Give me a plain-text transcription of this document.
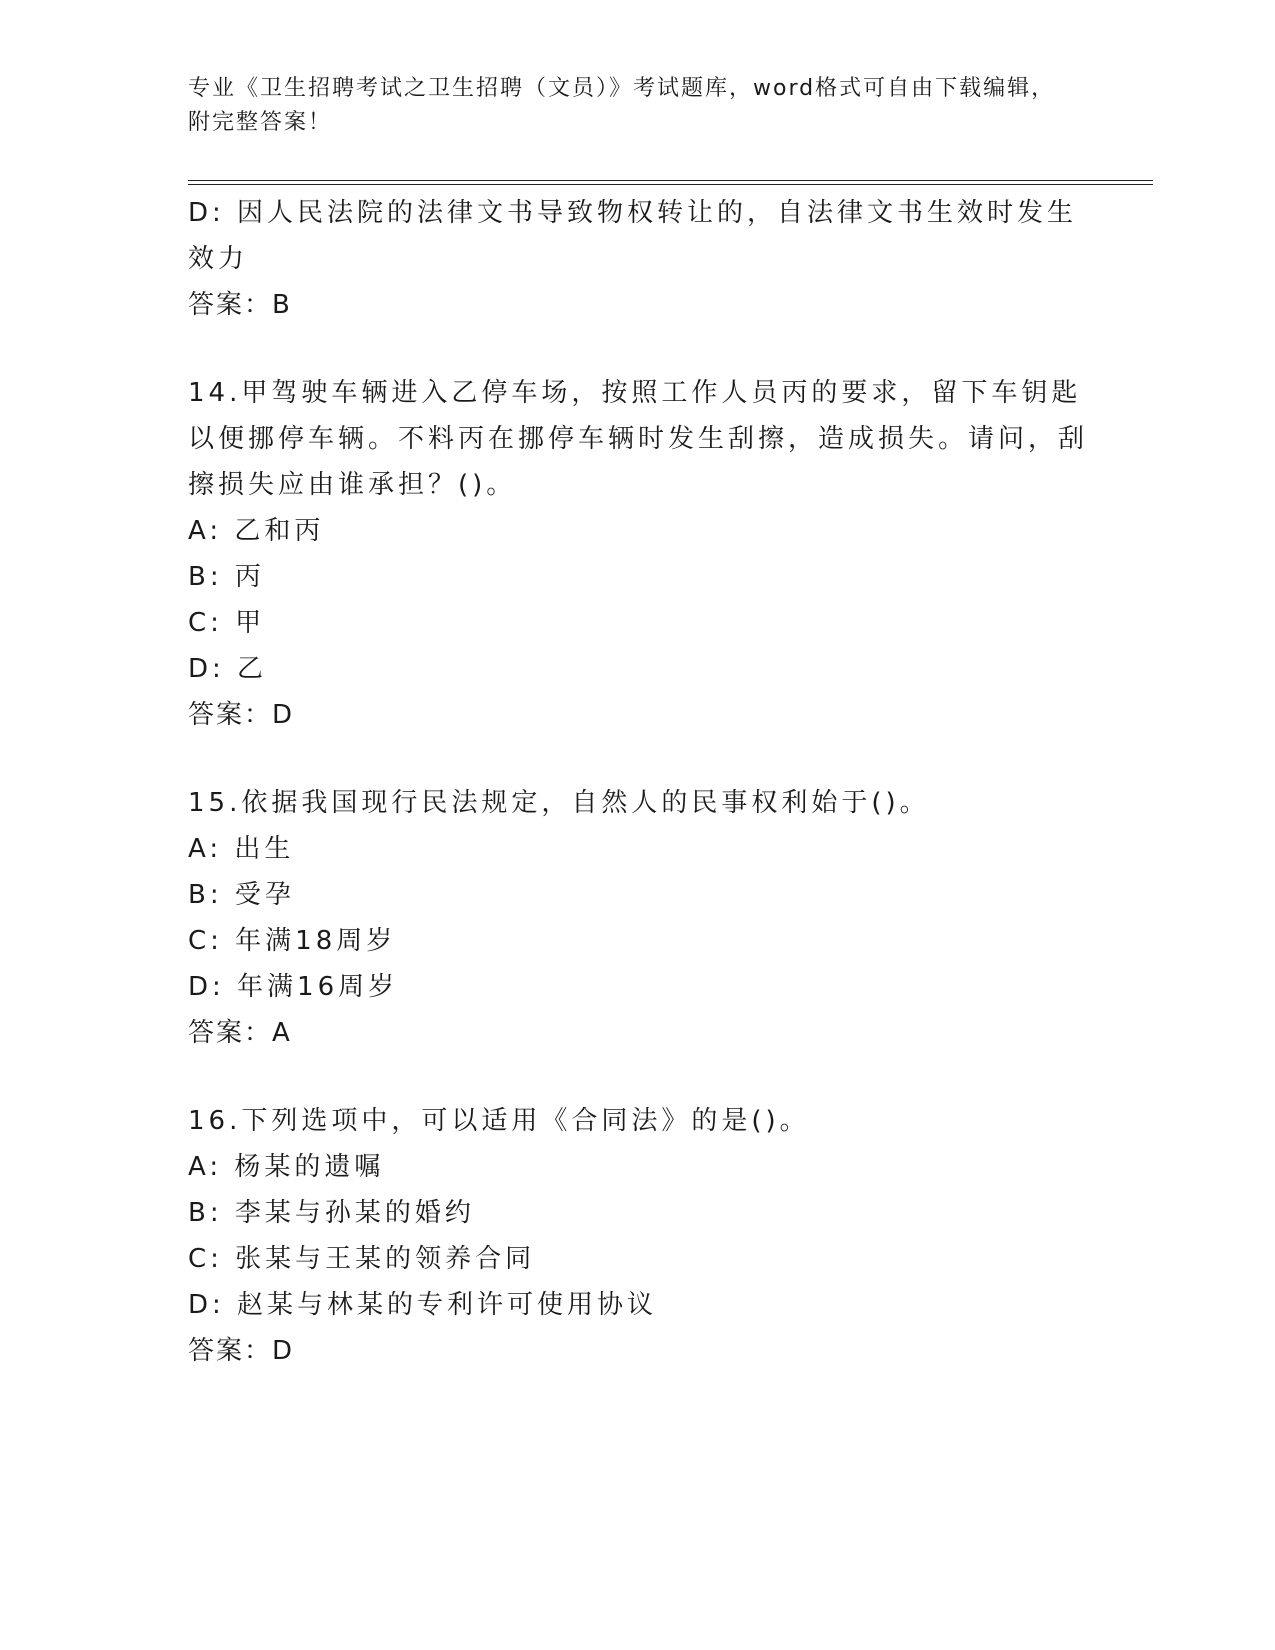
专业《卫生招聘考试之卫生招聘（文员）》考试题库，word格式可自由下载编辑，附完整答案！
D: 因人民法院的法律文书导致物权转让的，自法律文书生效时发生效力
答案：B
14.甲驾驶车辆进入乙停车场，按照工作人员丙的要求，留下车钥匙以便挪停车辆。不料丙在挪停车辆时发生刮擦，造成损失。请问，刮擦损失应由谁承担？()。
A: 乙和丙
B: 丙
C: 甲
D: 乙
答案：D
15.依据我国现行民法规定，自然人的民事权利始于()。
A: 出生
B: 受孕
C: 年满18周岁
D: 年满16周岁
答案：A
16.下列选项中，可以适用《合同法》的是()。
A: 杨某的遗嘱
B: 李某与孙某的婚约
C: 张某与王某的领养合同
D: 赵某与林某的专利许可使用协议
答案：D
